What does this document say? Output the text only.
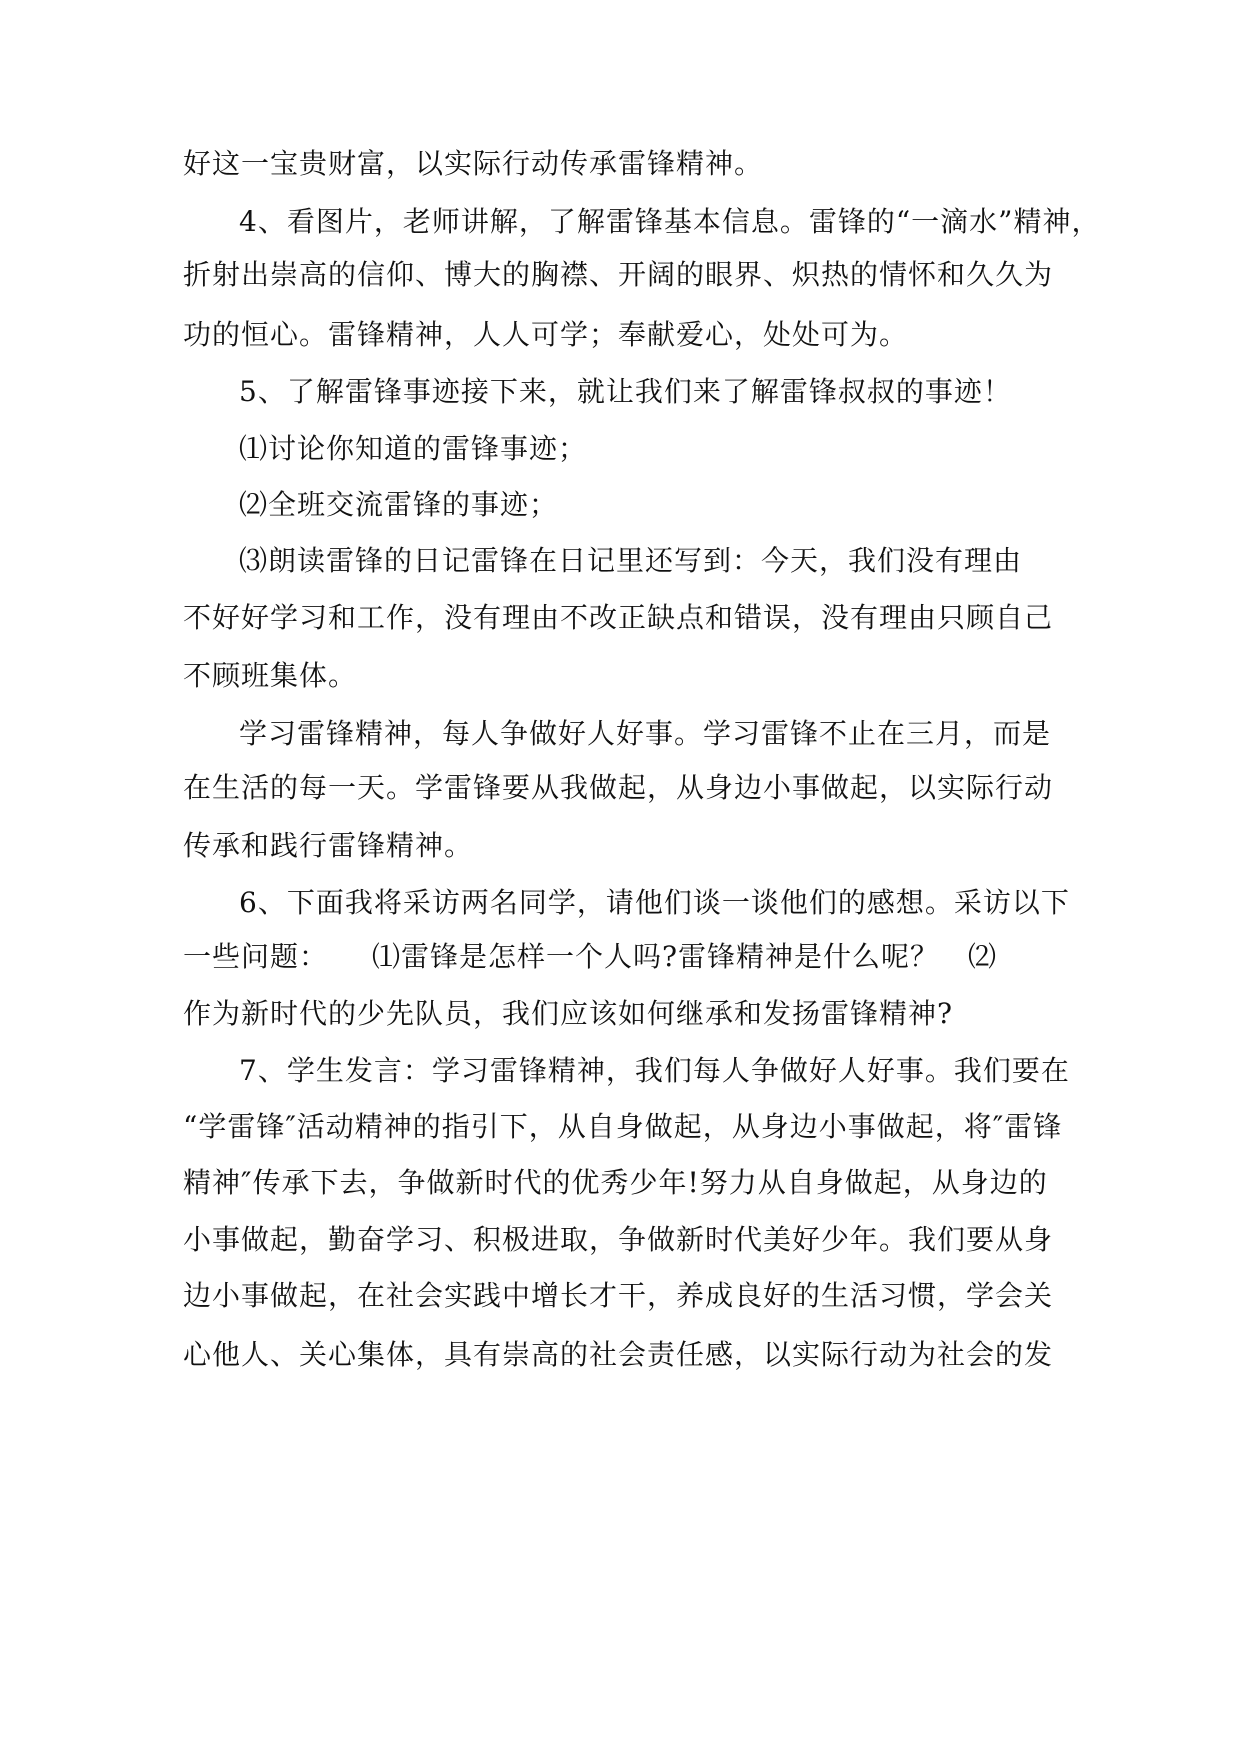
好这一宝贵财富，以实际行动传承雷锋精神。
4、看图片，老师讲解，了解雷锋基本信息。雷锋的“一滴水”精神，
折射出崇高的信仰、博大的胸襟、开阔的眼界、炽热的情怀和久久为
功的恒心。雷锋精神，人人可学；奉献爱心，处处可为。
5、了解雷锋事迹接下来，就让我们来了解雷锋叔叔的事迹！
⑴讨论你知道的雷锋事迹；
⑵全班交流雷锋的事迹；
⑶朗读雷锋的日记雷锋在日记里还写到：今天，我们没有理由
不好好学习和工作，没有理由不改正缺点和错误，没有理由只顾自己
不顾班集体。
学习雷锋精神，每人争做好人好事。学习雷锋不止在三月，而是
在生活的每一天。学雷锋要从我做起，从身边小事做起，以实际行动
传承和践行雷锋精神。
6、下面我将采访两名同学，请他们谈一谈他们的感想。采访以下
一些问题：　　⑴雷锋是怎样一个人吗?雷锋精神是什么呢？　⑵
作为新时代的少先队员，我们应该如何继承和发扬雷锋精神?
7、学生发言：学习雷锋精神，我们每人争做好人好事。我们要在
“学雷锋″活动精神的指引下，从自身做起，从身边小事做起，将″雷锋
精神″传承下去，争做新时代的优秀少年!努力从自身做起，从身边的
小事做起，勤奋学习、积极进取，争做新时代美好少年。我们要从身
边小事做起，在社会实践中增长才干，养成良好的生活习惯，学会关
心他人、关心集体，具有崇高的社会责任感，以实际行动为社会的发
